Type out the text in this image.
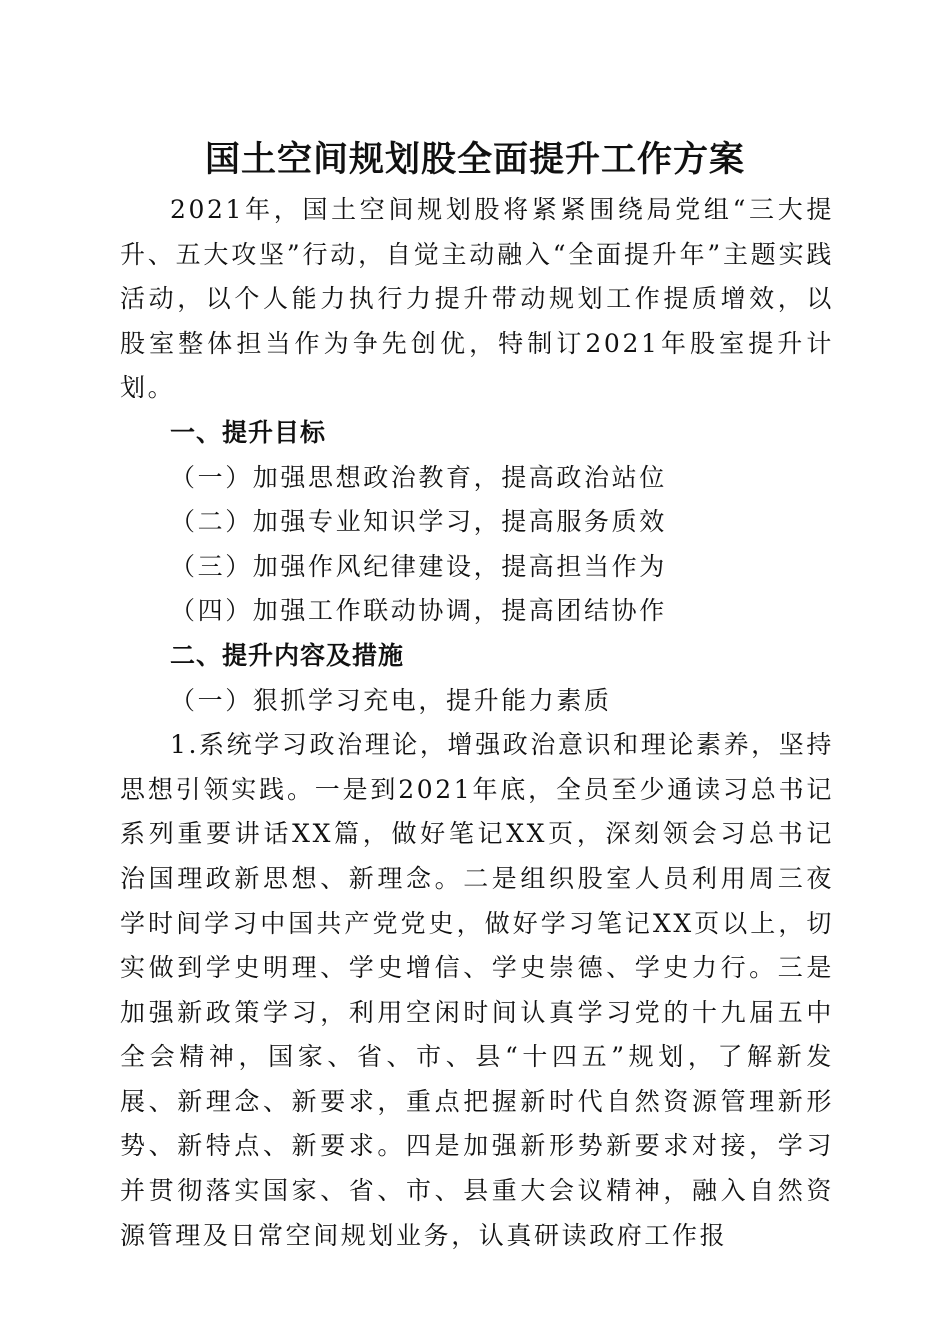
国土空间规划股全面提升工作方案

2021年，国土空间规划股将紧紧围绕局党组“三大提升、五大攻坚”行动，自觉主动融入“全面提升年”主题实践活动，以个人能力执行力提升带动规划工作提质增效，以股室整体担当作为争先创优，特制订2021年股室提升计划。

一、提升目标

（一）加强思想政治教育，提高政治站位

（二）加强专业知识学习，提高服务质效

（三）加强作风纪律建设，提高担当作为

（四）加强工作联动协调，提高团结协作

二、提升内容及措施

（一）狠抓学习充电，提升能力素质

1.系统学习政治理论，增强政治意识和理论素养，坚持思想引领实践。一是到2021年底，全员至少通读习总书记系列重要讲话XX篇，做好笔记XX页，深刻领会习总书记治国理政新思想、新理念。二是组织股室人员利用周三夜学时间学习中国共产党党史，做好学习笔记XX页以上，切实做到学史明理、学史增信、学史崇德、学史力行。三是加强新政策学习，利用空闲时间认真学习党的十九届五中全会精神，国家、省、市、县“十四五”规划，了解新发展、新理念、新要求，重点把握新时代自然资源管理新形势、新特点、新要求。四是加强新形势新要求对接，学习并贯彻落实国家、省、市、县重大会议精神，融入自然资源管理及日常空间规划业务，认真研读政府工作报
